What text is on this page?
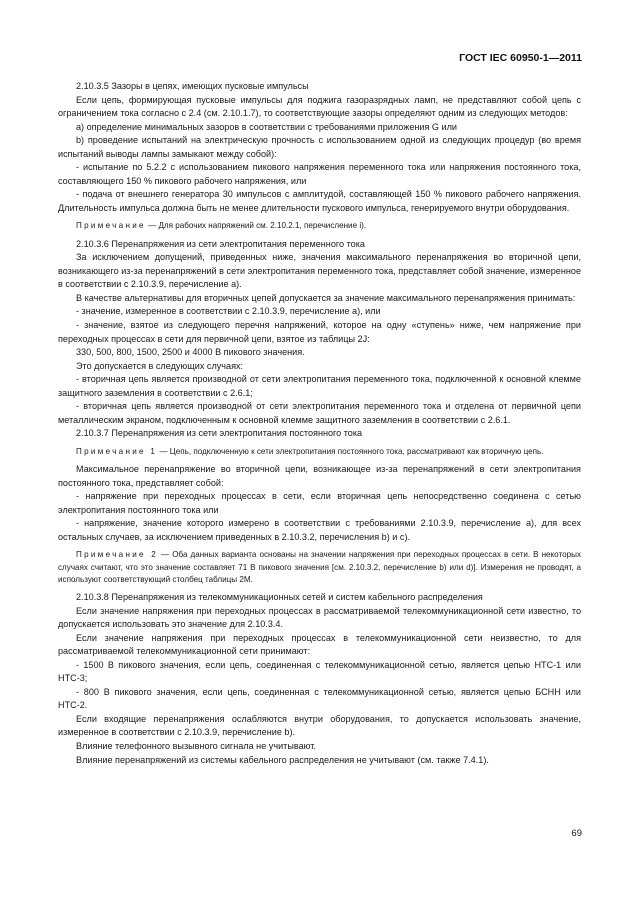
ГОСТ IEC 60950-1—2011

2.10.3.5 Зазоры в цепях, имеющих пусковые импульсы

Если цепь, формирующая пусковые импульсы для поджига газоразрядных ламп, не представляют собой цепь с ограничением тока согласно с 2.4 (см. 2.10.1.7), то соответствующие зазоры определяют одним из следующих методов:

а) определение минимальных зазоров в соответствии с требованиями приложения G или

b) проведение испытаний на электрическую прочность с использованием одной из следующих процедур (во время испытаний выводы лампы замыкают между собой):

- испытание по 5.2.2 с использованием пикового напряжения переменного тока или напряжения постоянного тока, составляющего 150 % пикового рабочего напряжения, или

- подача от внешнего генератора 30 импульсов с амплитудой, составляющей 150 % пикового рабочего напряжения. Длительность импульса должна быть не менее длительности пускового импульса, генерируемого внутри оборудования.

Примечание — Для рабочих напряжений см. 2.10.2.1, перечисление i).

2.10.3.6 Перенапряжения из сети электропитания переменного тока

За исключением допущений, приведенных ниже, значения максимального перенапряжения во вторичной цепи, возникающего из-за перенапряжений в сети электропитания переменного тока, представляет собой значение, измеренное в соответствии с 2.10.3.9, перечисление а).

В качестве альтернативы для вторичных цепей допускается за значение максимального перенапряжения принимать:

- значение, измеренное в соответствии с 2.10.3.9, перечисление а), или

- значение, взятое из следующего перечня напряжений, которое на одну «ступень» ниже, чем напряжение при переходных процессах в сети для первичной цепи, взятое из таблицы 2J:

330, 500, 800, 1500, 2500 и 4000 В пикового значения.

Это допускается в следующих случаях:

- вторичная цепь является производной от сети электропитания переменного тока, подключенной к основной клемме защитного заземления в соответствии с 2.6.1;

- вторичная цепь является производной от сети электропитания переменного тока и отделена от первичной цепи металлическим экраном, подключенным к основной клемме защитного заземления в соответствии с 2.6.1.

2.10.3.7 Перенапряжения из сети электропитания постоянного тока

Примечание 1 — Цепь, подключенную к сети электропитания постоянного тока, рассматривают как вторичную цепь.

Максимальное перенапряжение во вторичной цепи, возникающее из-за перенапряжений в сети электропитания постоянного тока, представляет собой:

- напряжение при переходных процессах в сети, если вторичная цепь непосредственно соединена с сетью электропитания постоянного тока или

- напряжение, значение которого измерено в соответствии с требованиями 2.10.3.9, перечисление а), для всех остальных случаев, за исключением приведенных в 2.10.3.2, перечисления b) и с).

Примечание 2 — Оба данных варианта основаны на значении напряжения при переходных процессах в сети. В некоторых случаях считают, что это значение составляет 71 В пикового значения [см. 2.10.3.2, перечисление b) или d)]. Измерения не проводят, а используют соответствующий столбец таблицы 2М.

2.10.3.8 Перенапряжения из телекоммуникационных сетей и систем кабельного распределения

Если значение напряжения при переходных процессах в рассматриваемой телекоммуникационной сети известно, то допускается использовать это значение для 2.10.3.4.

Если значение напряжения при переходных процессах в телекоммуникационной сети неизвестно, то для рассматриваемой телекоммуникационной сети принимают:

- 1500 В пикового значения, если цепь, соединенная с телекоммуникационной сетью, является цепью НТС-1 или НТС-3;

- 800 В пикового значения, если цепь, соединенная с телекоммуникационной сетью, является цепью БСНН или НТС-2.

Если входящие перенапряжения ослабляются внутри оборудования, то допускается использовать значение, измеренное в соответствии с 2.10.3.9, перечисление b).

Влияние телефонного вызывного сигнала не учитывают.

Влияние перенапряжений из системы кабельного распределения не учитывают (см. также 7.4.1).

69
